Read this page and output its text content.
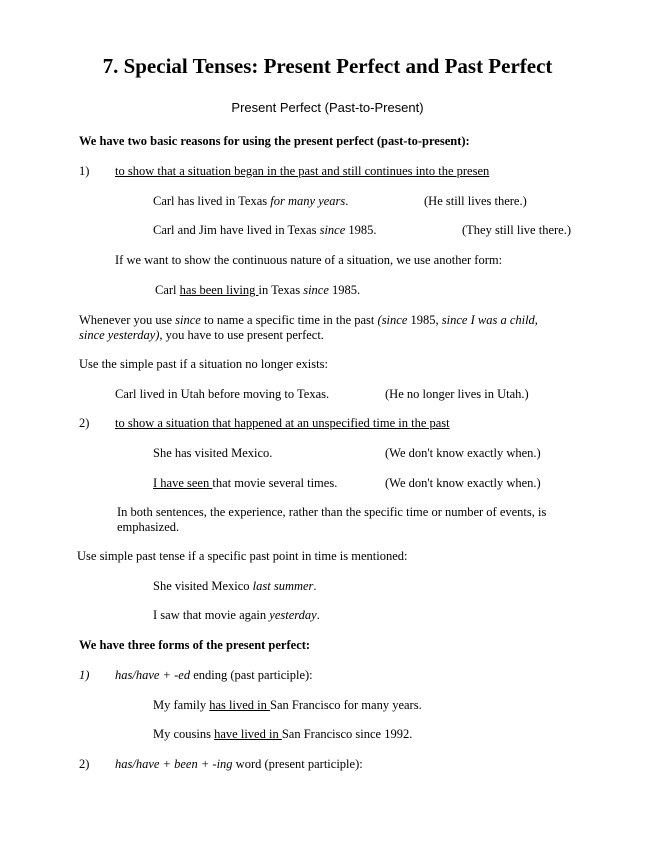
7. Special Tenses: Present Perfect and Past Perfect
Present Perfect (Past-to-Present)
We have two basic reasons for using the present perfect (past-to-present):
1) to show that a situation began in the past and still continues into the presen
Carl has lived in Texas for many years.	(He still lives there.)
Carl and Jim have lived in Texas since 1985.	(They still live there.)
If we want to show the continuous nature of a situation, we use another form:
Carl has been living in Texas since 1985.
Whenever you use since to name a specific time in the past (since 1985, since I was a child,
since yesterday), you have to use present perfect.
Use the simple past if a situation no longer exists:
Carl lived in Utah before moving to Texas.	(He no longer lives in Utah.)
2) to show a situation that happened at an unspecified time in the past
She has visited Mexico.	(We don't know exactly when.)
I have seen that movie several times.	(We don't know exactly when.)
In both sentences, the experience, rather than the specific time or number of events, is
emphasized.
Use simple past tense if a specific past point in time is mentioned:
She visited Mexico last summer.
I saw that movie again yesterday.
We have three forms of the present perfect:
1) has/have + -ed ending (past participle):
My family has lived in San Francisco for many years.
My cousins have lived in San Francisco since 1992.
2) has/have + been + -ing word (present participle):
